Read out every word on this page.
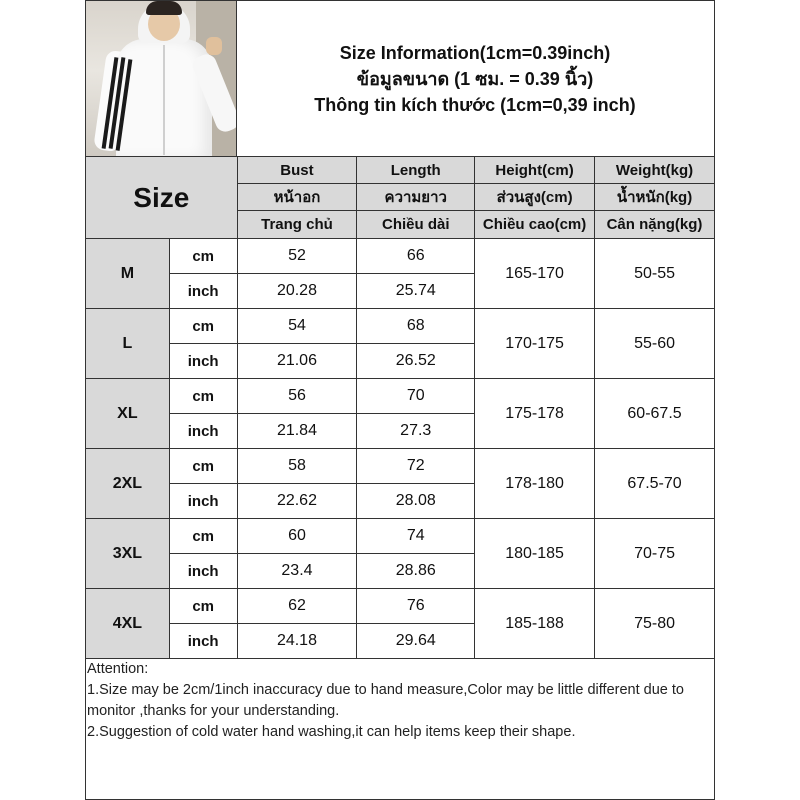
Size Information(1cm=0.39inch)
ข้อมูลขนาด (1 ซม. = 0.39 นิ้ว)
Thông tin kích thước (1cm=0,39 inch)
Size		Bust	Length	Height(cm)	Weight(kg)
		หน้าอก	ความยาว	ส่วนสูง(cm)	น้ำหนัก(kg)
		Trang chủ	Chiều dài	Chiều cao(cm)	Cân nặng(kg)
M	cm	52	66	165-170	50-55
	inch	20.28	25.74		
L	cm	54	68	170-175	55-60
	inch	21.06	26.52		
XL	cm	56	70	175-178	60-67.5
	inch	21.84	27.3		
2XL	cm	58	72	178-180	67.5-70
	inch	22.62	28.08		
3XL	cm	60	74	180-185	70-75
	inch	23.4	28.86		
4XL	cm	62	76	185-188	75-80
	inch	24.18	29.64		

Attention:

1.Size may be 2cm/1inch inaccuracy due to hand measure,Color may be little different due to monitor ,thanks for your understanding.

2.Suggestion of cold water hand washing,it can help items keep their shape.
